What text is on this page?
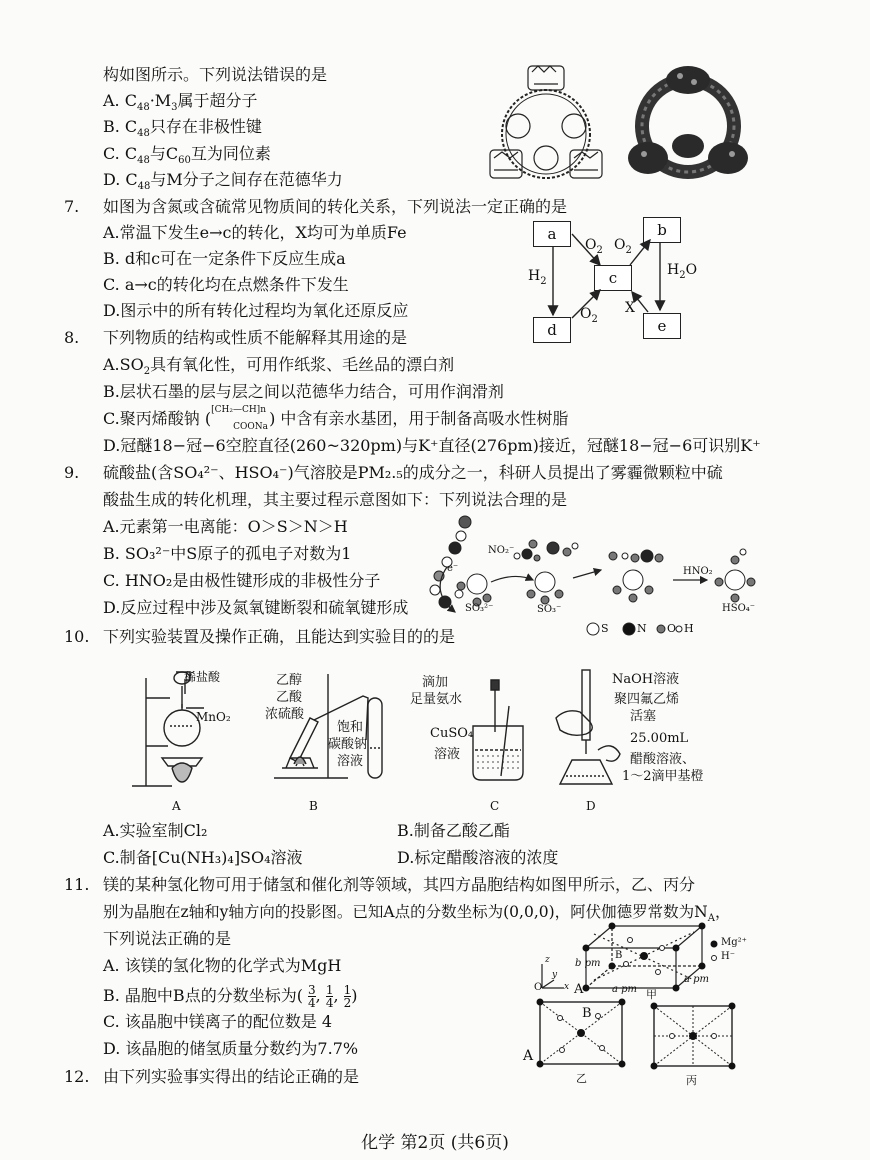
构如图所示。下列说法错误的是
A. $C_{48}\cdot M_3$属于超分子
B. $C_{48}$只存在非极性键
C. $C_{48}$与$C_{60}$互为同位素
D. $C_{48}$与M分子之间存在范德华力
7. 如图为含氮或含硫常见物质间的转化关系，下列说法一定正确的是
A.常温下发生e→c的转化，X均可为单质Fe
B. d和c可在一定条件下反应生成a
C. a→c的转化均在点燃条件下发生
D.图示中的所有转化过程均为氧化还原反应
a	b
c
d	e
$O_2$ $O_2$
$O_2$
$H_2$
$H_2O$
X
8. 下列物质的结构或性质不能解释其用途的是
$A.SO_2$具有氧化性，可用作纸浆、毛丝品的漂白剂
B.层状石墨的层与层之间以范德华力结合，可用作润滑剂
C.聚丙烯酸钠 ( [CH₂—CH]n
COONa ) 中含有亲水基团，用于制备高吸水性树脂
D.冠醚18−冠−6空腔直径(260~320pm)与K⁺直径(276pm)接近，冠醚18−冠−6可识别K⁺
9. 硫酸盐(含SO₄²⁻、HSO₄⁻)气溶胶是PM₂.₅的成分之一，科研人员提出了雾霾微颗粒中硫
酸盐生成的转化机理，其主要过程示意图如下：下列说法合理的是
A.元素第一电离能：O＞S＞N＞H
B. SO₃²⁻中S原子的孤电子对数为1
C. HNO₂是由极性键形成的非极性分子
D.反应过程中涉及氮氧键断裂和硫氧键形成
NO₂⁻
e⁻
SO₃²⁻	SO₃⁻
HNO₂
HSO₄⁻
S	N O H
10. 下列实验装置及操作正确，且能达到实验目的的是
稀盐酸
MnO₂
A
乙醇
乙酸
浓硫酸
饱和
碳酸钠
溶液
B
滴加
足量氨水
CuSO₄
溶液
C
NaOH溶液
聚四氟乙烯
活塞
25.00mL
醋酸溶液、
1～2滴甲基橙
D
A.实验室制Cl₂	B.制备乙酸乙酯
C.制备[Cu(NH₃)₄]SO₄溶液	D.标定醋酸溶液的浓度
11. 镁的某种氢化物可用于储氢和催化剂等领域，其四方晶胞结构如图甲所示，乙、丙分
别为晶胞在z轴和y轴方向的投影图。已知A点的分数坐标为(0,0,0)，阿伏伽德罗常数为$N_A$，
下列说法正确的是
A. 该镁的氢化物的化学式为MgH
B. 晶胞中B点的分数坐标为( $\frac{3}{4}$ , $\frac{1}{4}$ , $\frac{1}{2}$ )
C. 该晶胞中镁离子的配位数是 4
D. 该晶胞的储氢质量分数约为7.7%
Mg²⁺
H⁻
b pm
a pm
a pm
A
B
甲
z
y
x
O
B
A
乙	丙
12. 由下列实验事实得出的结论正确的是
化学 第2页 (共6页)
